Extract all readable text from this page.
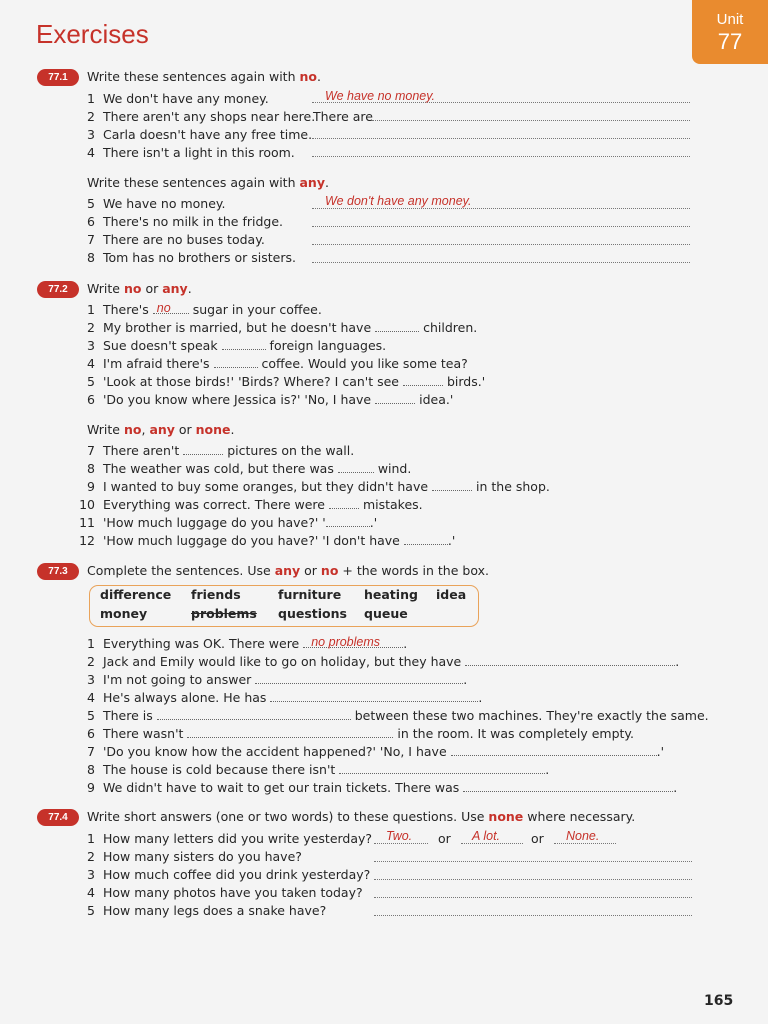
Exercises	Unit
77
77.1	Write these sentences again with no.
1 We don't have any money.	We have no money.
2 There aren't any shops near here.
There are
3 Carla doesn't have any free time.
4 There isn't a light in this room.
Write these sentences again with any.
5 We have no money.	We don't have any money.
6 There's no milk in the fridge.
7 There are no buses today.
8 Tom has no brothers or sisters.
77.2	Write no or any.
1 There's no sugar in your coffee.
2 My brother is married, but he doesn't have	children.
3 Sue doesn't speak	foreign languages.
4 I'm afraid there's	coffee. Would you like some tea?
5 'Look at those birds!' 'Birds? Where? I can't see	birds.'
6 'Do you know where Jessica is?' 'No, I have	idea.'
Write no, any or none.
7 There aren't	pictures on the wall.
8 The weather was cold, but there was	wind.
9 I wanted to buy some oranges, but they didn't have	in the shop.
10 Everything was correct. There were	mistakes.
11 'How much luggage do you have?' '	.'
12 'How much luggage do you have?' 'I don't have	.'
77.3	Complete the sentences. Use any or no + the words in the box.
difference friends	furniture heating idea
money	problems questions queue
1 Everything was OK. There were no problems .
2 Jack and Emily would like to go on holiday, but they have	.
3 I'm not going to answer	.
4 He's always alone. He has	.
5 There is	between these two machines. They're exactly the same.
6 There wasn't	in the room. It was completely empty.
7 'Do you know how the accident happened?' 'No, I have	.'
8 The house is cold because there isn't	.
9 We didn't have to wait to get our train tickets. There was	.
77.4	Write short answers (one or two words) to these questions. Use none where necessary.
1 How many letters did you write yesterday? Two. or A lot. or None.
2 How many sisters do you have?
3 How much coffee did you drink yesterday?
4 How many photos have you taken today?
5 How many legs does a snake have?
165
